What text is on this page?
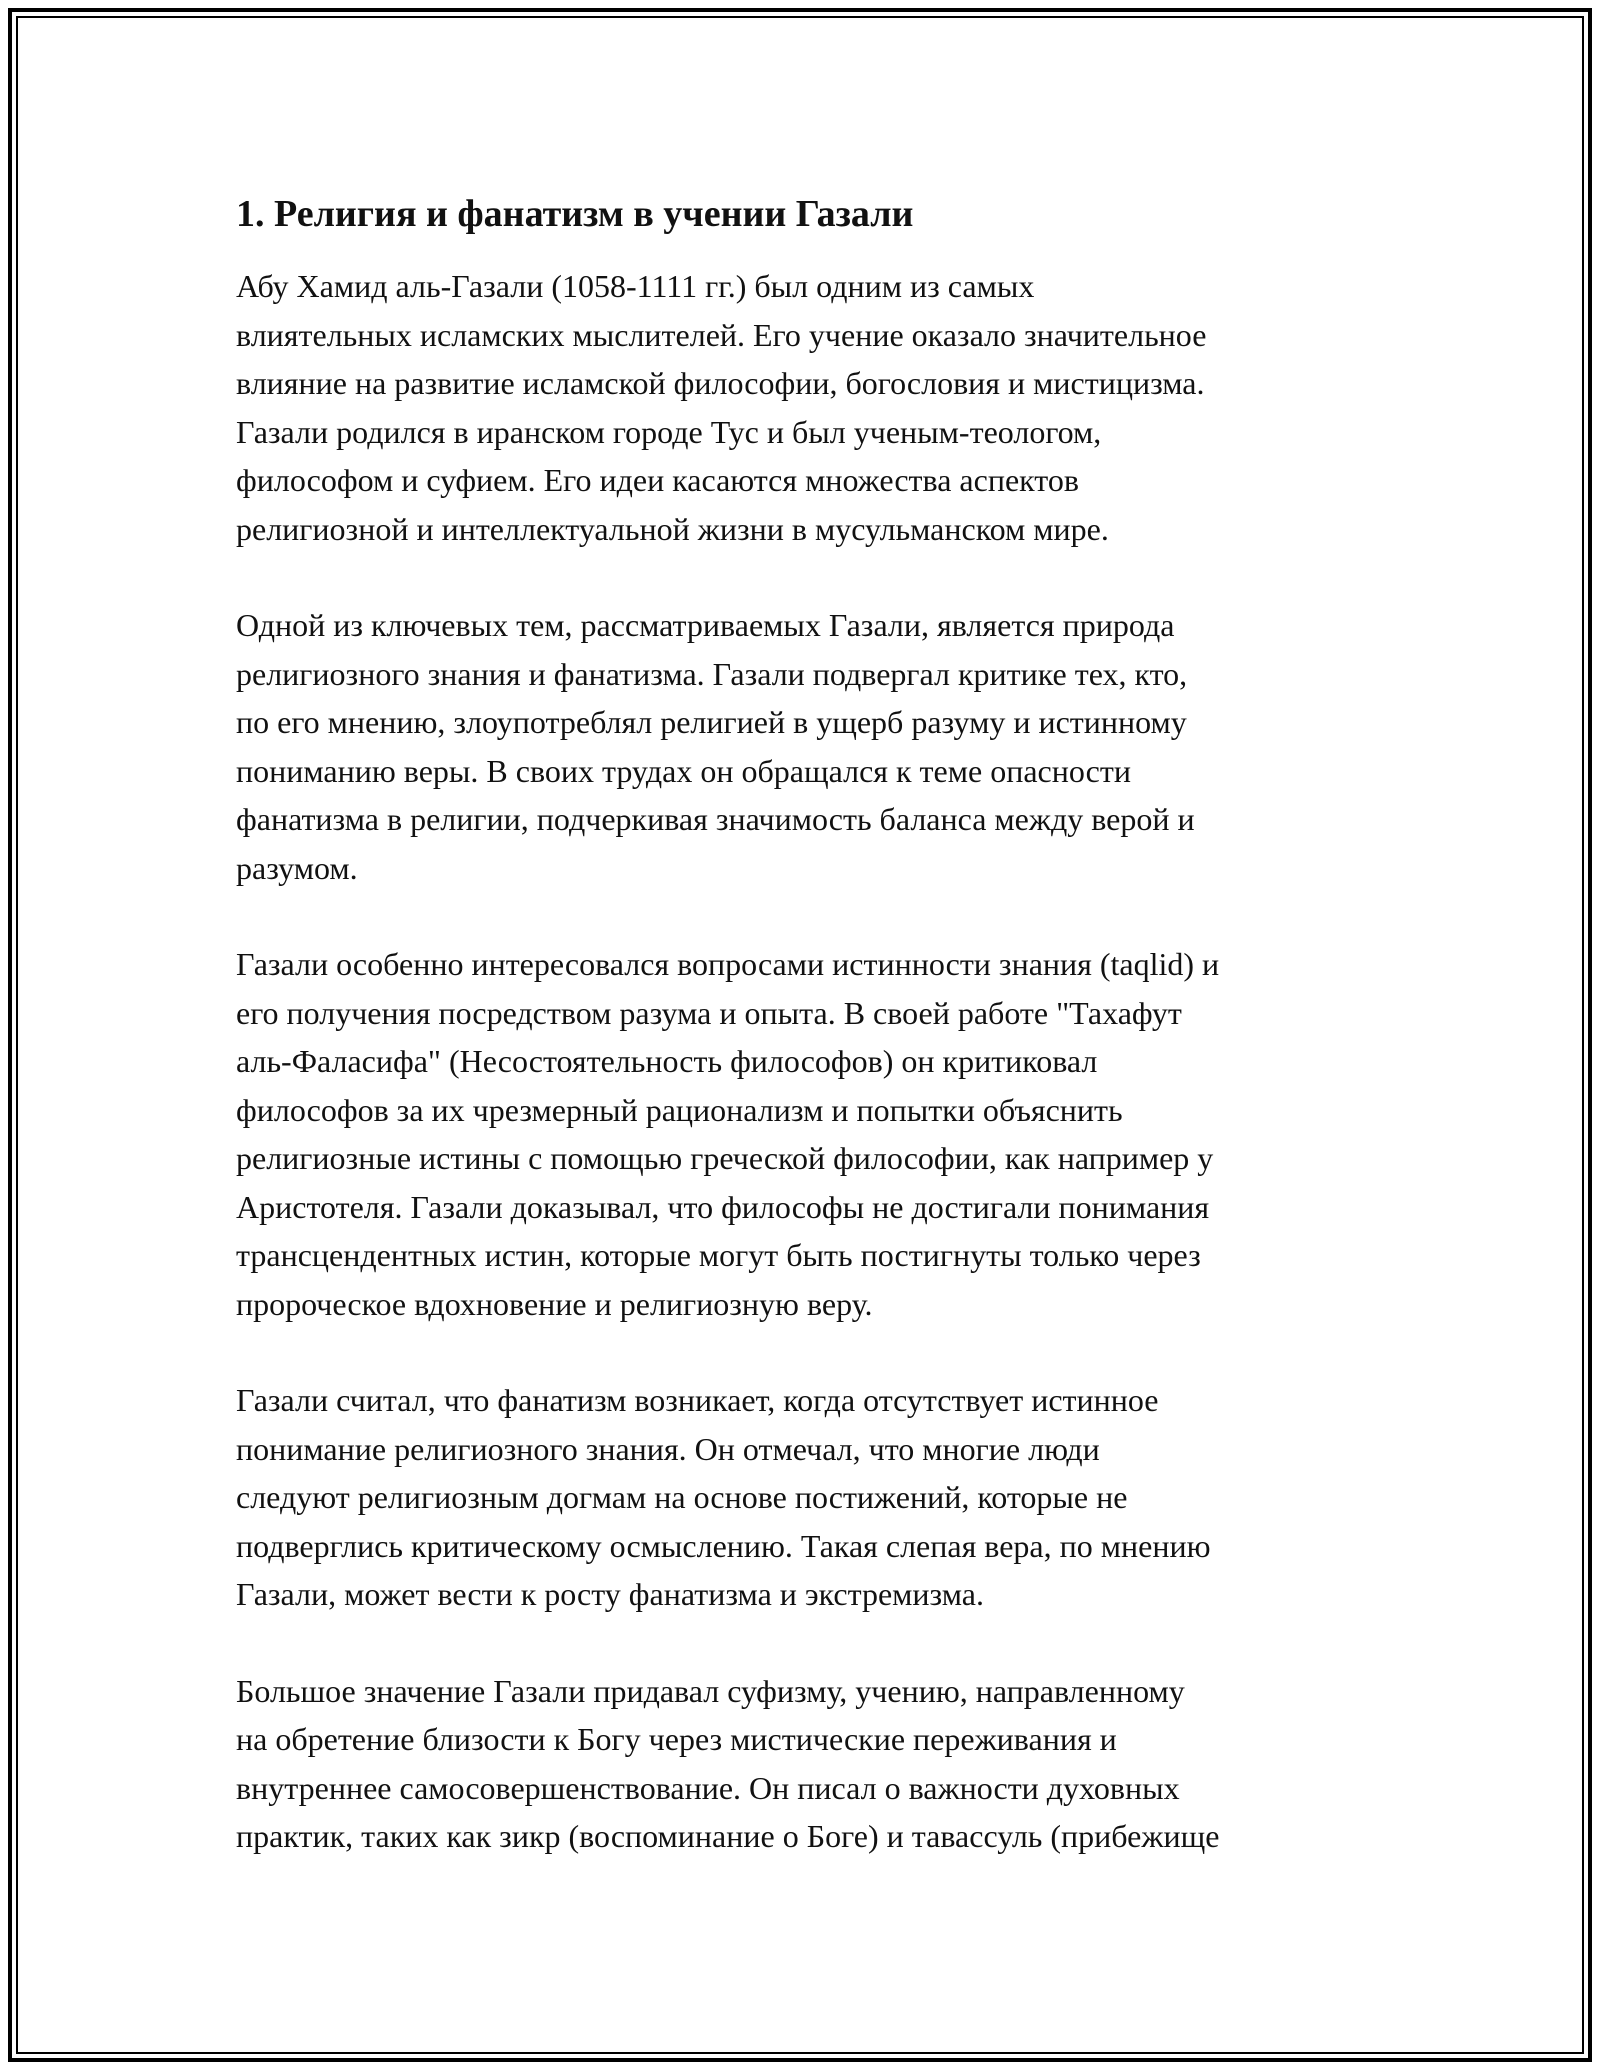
1. Религия и фанатизм в учении Газали

Абу Хамид аль-Газали (1058-1111 гг.) был одним из самых
влиятельных исламских мыслителей. Его учение оказало значительное
влияние на развитие исламской философии, богословия и мистицизма.
Газали родился в иранском городе Тус и был ученым-теологом,
философом и суфием. Его идеи касаются множества аспектов
религиозной и интеллектуальной жизни в мусульманском мире.

Одной из ключевых тем, рассматриваемых Газали, является природа
религиозного знания и фанатизма. Газали подвергал критике тех, кто,
по его мнению, злоупотреблял религией в ущерб разуму и истинному
пониманию веры. В своих трудах он обращался к теме опасности
фанатизма в религии, подчеркивая значимость баланса между верой и
разумом.

Газали особенно интересовался вопросами истинности знания (taqlid) и
его получения посредством разума и опыта. В своей работе "Тахафут
аль-Фаласифа" (Несостоятельность философов) он критиковал
философов за их чрезмерный рационализм и попытки объяснить
религиозные истины с помощью греческой философии, как например у
Аристотеля. Газали доказывал, что философы не достигали понимания
трансцендентных истин, которые могут быть постигнуты только через
пророческое вдохновение и религиозную веру.

Газали считал, что фанатизм возникает, когда отсутствует истинное
понимание религиозного знания. Он отмечал, что многие люди
следуют религиозным догмам на основе постижений, которые не
подверглись критическому осмыслению. Такая слепая вера, по мнению
Газали, может вести к росту фанатизма и экстремизма.

Большое значение Газали придавал суфизму, учению, направленному
на обретение близости к Богу через мистические переживания и
внутреннее самосовершенствование. Он писал о важности духовных
практик, таких как зикр (воспоминание о Боге) и тавассуль (прибежище
